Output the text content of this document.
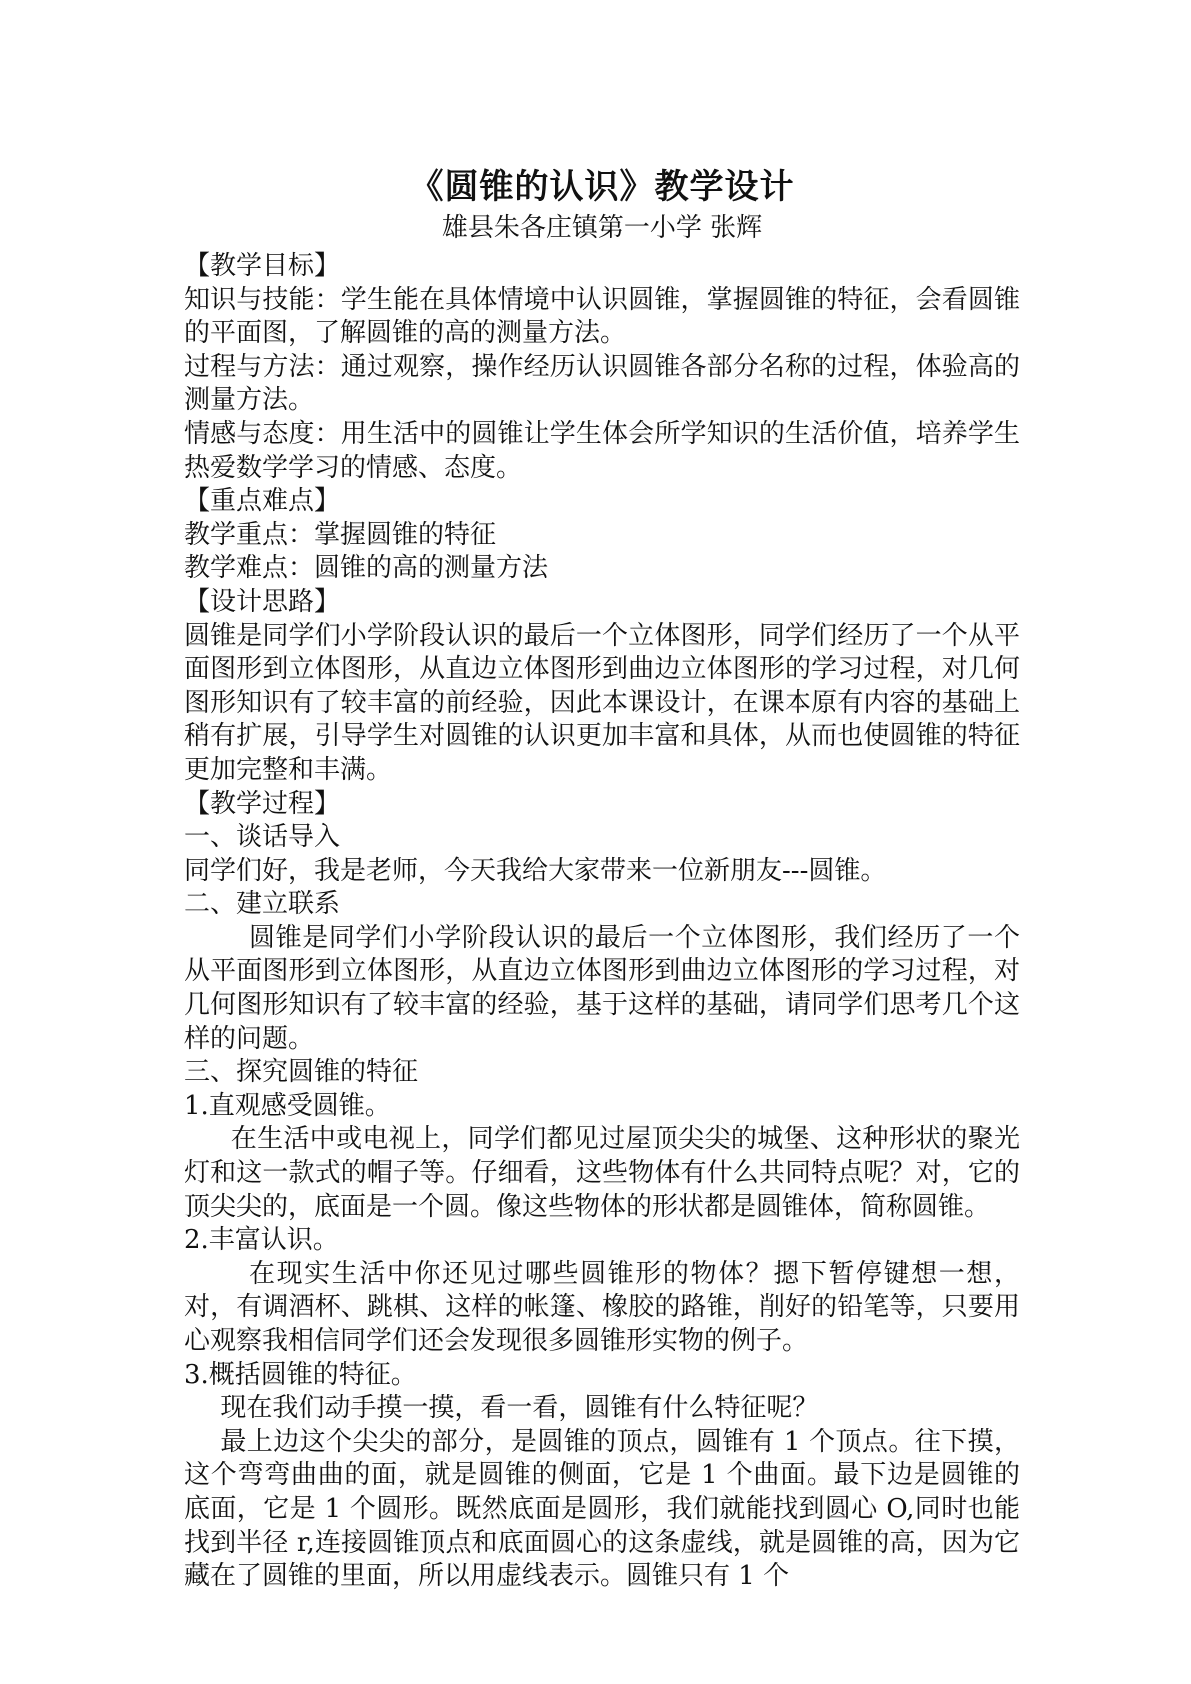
《圆锥的认识》教学设计
雄县朱各庄镇第一小学 张辉

【教学目标】

知识与技能：学生能在具体情境中认识圆锥，掌握圆锥的特征，会看圆锥的平面图，了解圆锥的高的测量方法。

过程与方法：通过观察，操作经历认识圆锥各部分名称的过程，体验高的测量方法。

情感与态度：用生活中的圆锥让学生体会所学知识的生活价值，培养学生热爱数学学习的情感、态度。

【重点难点】

教学重点：掌握圆锥的特征

教学难点：圆锥的高的测量方法

【设计思路】

圆锥是同学们小学阶段认识的最后一个立体图形，同学们经历了一个从平面图形到立体图形，从直边立体图形到曲边立体图形的学习过程，对几何图形知识有了较丰富的前经验，因此本课设计，在课本原有内容的基础上稍有扩展，引导学生对圆锥的认识更加丰富和具体，从而也使圆锥的特征更加完整和丰满。

【教学过程】

一、谈话导入

同学们好，我是老师，今天我给大家带来一位新朋友---圆锥。

二、建立联系

圆锥是同学们小学阶段认识的最后一个立体图形，我们经历了一个从平面图形到立体图形，从直边立体图形到曲边立体图形的学习过程，对几何图形知识有了较丰富的经验，基于这样的基础，请同学们思考几个这样的问题。

三、探究圆锥的特征

1.直观感受圆锥。

在生活中或电视上，同学们都见过屋顶尖尖的城堡、这种形状的聚光灯和这一款式的帽子等。仔细看，这些物体有什么共同特点呢？对，它的顶尖尖的，底面是一个圆。像这些物体的形状都是圆锥体，简称圆锥。

2.丰富认识。

在现实生活中你还见过哪些圆锥形的物体？摁下暂停键想一想，对，有调酒杯、跳棋、这样的帐篷、橡胶的路锥，削好的铅笔等，只要用心观察我相信同学们还会发现很多圆锥形实物的例子。

3.概括圆锥的特征。

现在我们动手摸一摸，看一看，圆锥有什么特征呢？

最上边这个尖尖的部分，是圆锥的顶点，圆锥有 1 个顶点。往下摸，这个弯弯曲曲的面，就是圆锥的侧面，它是 1 个曲面。最下边是圆锥的底面，它是 1 个圆形。既然底面是圆形，我们就能找到圆心 O,同时也能找到半径 r,连接圆锥顶点和底面圆心的这条虚线，就是圆锥的高，因为它藏在了圆锥的里面，所以用虚线表示。圆锥只有 1 个
